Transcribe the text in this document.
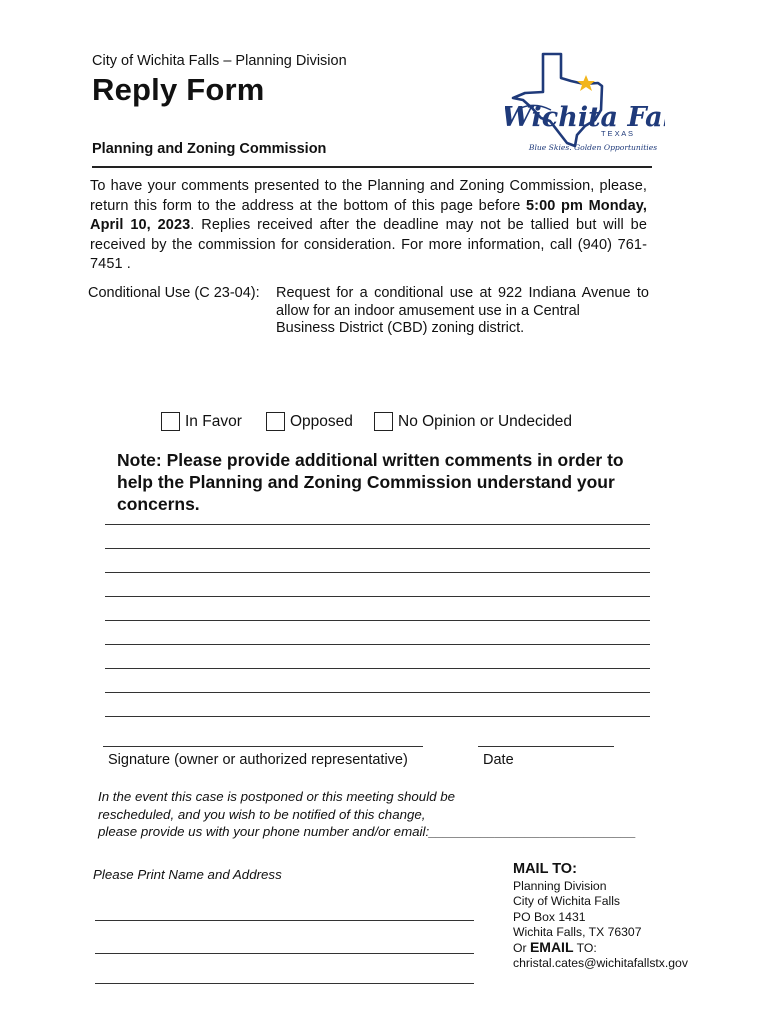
City of Wichita Falls – Planning Division
Reply Form
Planning and Zoning Commission
Wichita Fa
T E X A S
Blue Skies. Golden Opportunities
To have your comments presented to the Planning and Zoning Commission, please, return this form to the address at the bottom of this page before 5:00 pm Monday, April 10, 2023. Replies received after the deadline may not be tallied but will be received by the commission for consideration. For more information, call (940) 761-7451 .
Conditional Use (C 23-04): Request for a conditional use at 922 Indiana Avenue to allow for an indoor amusement use in a Central
Business District (CBD) zoning district.
In Favor	Opposed	No Opinion or Undecided
Note: Please provide additional written comments in order to help the Planning and Zoning Commission understand your concerns.
Signature (owner or authorized representative)	Date
In the event this case is postponed or this meeting should be
rescheduled, and you wish to be notified of this change,
please provide us with your phone number and/or email:____________________________
Please Print Name and Address	MAIL TO:
Planning Division
City of Wichita Falls
PO Box 1431
Wichita Falls, TX 76307
Or EMAIL TO:
christal.cates@wichitafallstx.gov
